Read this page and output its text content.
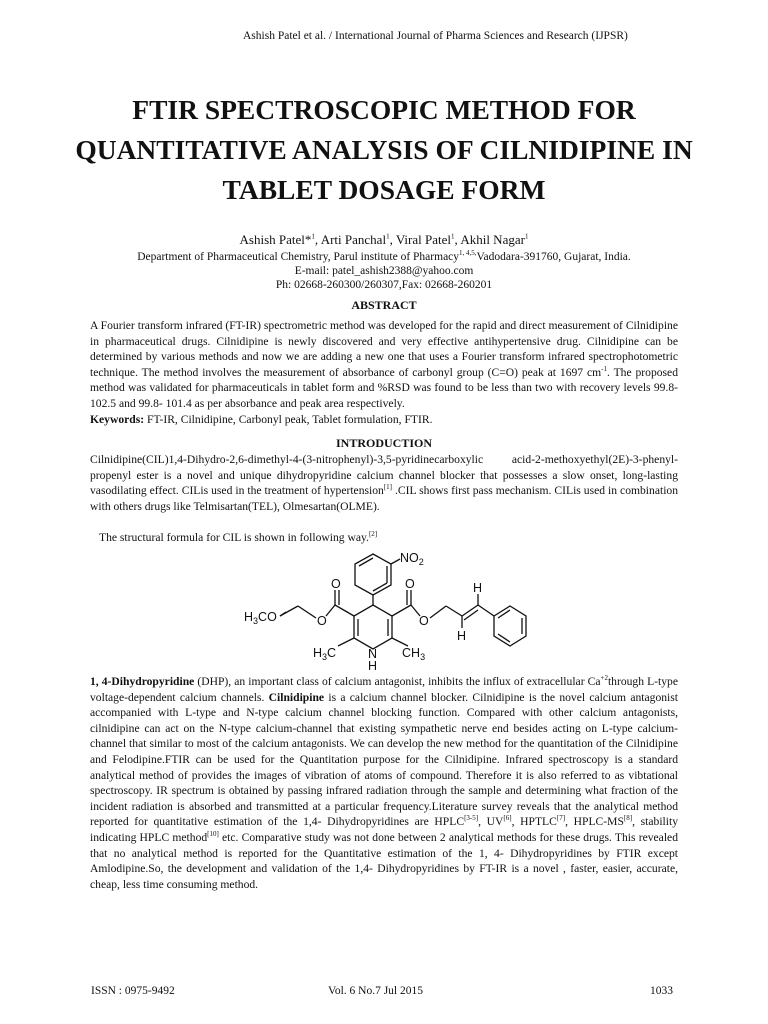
Ashish Patel et al. / International Journal of Pharma Sciences and Research (IJPSR)
FTIR SPECTROSCOPIC METHOD FOR QUANTITATIVE ANALYSIS OF CILNIDIPINE IN TABLET DOSAGE FORM
Ashish Patel*$^1$, Arti Panchal$^1$, Viral Patel$^1$, Akhil Nagar$^1$
Department of Pharmaceutical Chemistry, Parul institute of Pharmacy$^{1, 4,5,}$Vadodara-391760, Gujarat, India.
E-mail: patel_ashish2388@yahoo.com
Ph: 02668-260300/260307,Fax: 02668-260201
ABSTRACT
A Fourier transform infrared (FT-IR) spectrometric method was developed for the rapid and direct measurement of Cilnidipine in pharmaceutical drugs. Cilnidipine is newly discovered and very effective antihypertensive drug. Cilnidipine can be determined by various methods and now we are adding a new one that uses a Fourier transform infrared spectrophotometric technique. The method involves the measurement of absorbance of carbonyl group (C=O) peak at 1697 $cm^{-1}$. The proposed method was validated for pharmaceuticals in tablet form and %RSD was found to be less than two with recovery levels 99.8-102.5 and 99.8- 101.4 as per absorbance and peak area respectively.
Keywords: FT-IR, Cilnidipine, Carbonyl peak, Tablet formulation, FTIR.
INTRODUCTION
Cilnidipine(CIL)1,4-Dihydro-2,6-dimethyl-4-(3-nitrophenyl)-3,5-pyridinecarboxylic acid-2-methoxyethyl(2E)-3-phenyl-propenyl ester is a novel and unique dihydropyridine calcium channel blocker that possesses a slow onset, long-lasting vasodilating effect. CILis used in the treatment of hypertension[1] .CIL shows first pass mechanism. CILis used in combination with others drugs like Telmisartan(TEL), Olmesartan(OLME).
The structural formula for CIL is shown in following way.[2]
$NO_2$
$H_3CO$
O
O
O
O
H
H
$H_3C$	N
H
$CH_3$
1, 4-Dihydropyridine (DHP), an important class of calcium antagonist, inhibits the influx of extracellular $Ca^{+2}through$ L-type voltage-dependent calcium channels. Cilnidipine is a calcium channel blocker. Cilnidipine is the novel calcium antagonist accompanied with L-type and N-type calcium channel blocking function. Compared with other calcium antagonists, cilnidipine can act on the N-type calcium-channel that existing sympathetic nerve end besides acting on L-type calcium-channel that similar to most of the calcium antagonists. We can develop the new method for the quantitation of the Cilnidipine and Felodipine.FTIR can be used for the Quantitation purpose for the Cilnidipine. Infrared spectroscopy is a standard analytical method of provides the images of vibration of atoms of compound. Therefore it is also referred to as vibtational spectroscopy. IR spectrum is obtained by passing infrared radiation through the sample and determining what fraction of the incident radiation is absorbed and transmitted at a particular frequency.Literature survey reveals that the analytical method reported for quantitative estimation of the 1,4- Dihydropyridines are HPLC[3-5], UV[6], HPTLC[7], HPLC-MS[8], stability indicating HPLC method[10] etc. Comparative study was not done between 2 analytical methods for these drugs. This revealed that no analytical method is reported for the Quantitative estimation of the 1, 4- Dihydropyridines by FTIR except Amlodipine.So, the development and validation of the 1,4- Dihydropyridines by FT-IR is a novel , faster, easier, accurate, cheap, less time consuming method.
ISSN : 0975-9492	Vol. 6 No.7 Jul 2015	1033
